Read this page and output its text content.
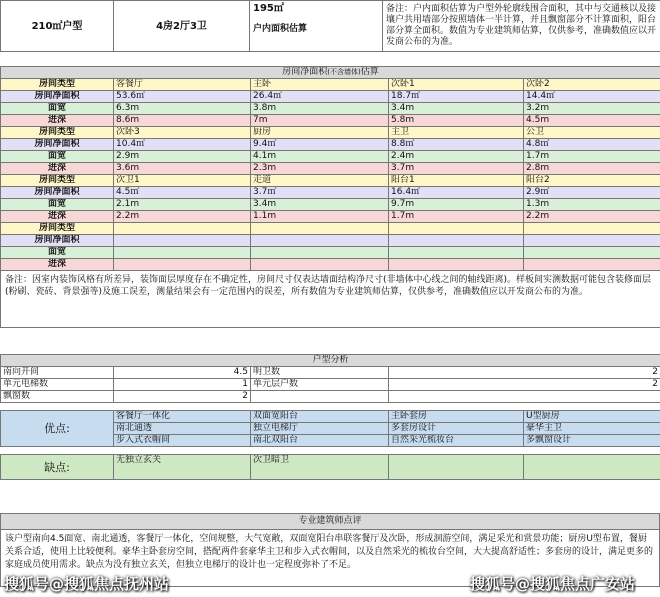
210㎡户型	4房2厅3卫	
195㎡
户内面积估算
	备注：户内面积估算为户型外轮廓线围合面积，其中与交通核以及接壤户共用墙部分按照墙体一半计算，并且飘窗部分不计算面积，阳台部分算全面积。数值为专业建筑师估算，仅供参考，准确数值应以开发商公布的为准。
房间净面积(不含墙体)估算				
房间类型	客餐厅	主卧	次卧1	次卧2
房间净面积	53.6㎡	26.4㎡	18.7㎡	14.4㎡
面宽	6.3m	3.8m	3.4m	3.2m
进深	8.6m	7m	5.8m	4.5m
房间类型	次卧3	厨房	主卫	公卫
房间净面积	10.4㎡	9.4㎡	8.8㎡	4.8㎡
面宽	2.9m	4.1m	2.4m	1.7m
进深	3.6m	2.3m	3.7m	2.8m
房间类型	次卫1	走道	阳台1	阳台2
房间净面积	4.5㎡	3.7㎡	16.4㎡	2.9㎡
面宽	2.1m	3.4m	9.7m	1.3m
进深	2.2m	1.1m	1.7m	2.2m
房间类型				
房间净面积				
面宽				
进深				
备注：因室内装饰风格有所差异，装饰面层厚度存在不确定性，房间尺寸仅表达墙面结构净尺寸(非墙体中心线之间的轴线距离)。样板间实测数据可能包含装修面层(粉刷、瓷砖、背景强等)及施工误差，测量结果会有一定范围内的误差，所有数值为专业建筑师估算，仅供参考，准确数值应以开发商公布的为准。				
户型分析				
南向开间	4.5	明卫数	2	
单元电梯数	1	单元层户数	2	
飘窗数	2			

优点:	客餐厅一体化	双面宽阳台	主卧套房	U型厨房
	南北通透	独立电梯厅	多套房设计	豪华主卫
	步入式衣帽间	南北双阳台	自然采光梳妆台	多飘窗设计

缺点:	无独立玄关	次卫暗卫		
专业建筑师点评
该户型南向4.5面宽、南北通透，客餐厅一体化，空间规整，大气宽敞，双面宽阳台串联客餐厅及次卧，形成洄游空间，满足采光和赏景功能；厨房U型布置，餐厨关系合适，使用上比较便利。豪华主卧套房空间，搭配两件套豪华主卫和步入式衣帽间，以及自然采光的梳妆台空间，大大提高舒适性；多套房的设计，满足更多的家庭成员使用需求。缺点为没有独立玄关，但独立电梯厅的设计也一定程度弥补了不足。
搜狐号@搜狐焦点抚州站	搜狐号@搜狐焦点广安站
